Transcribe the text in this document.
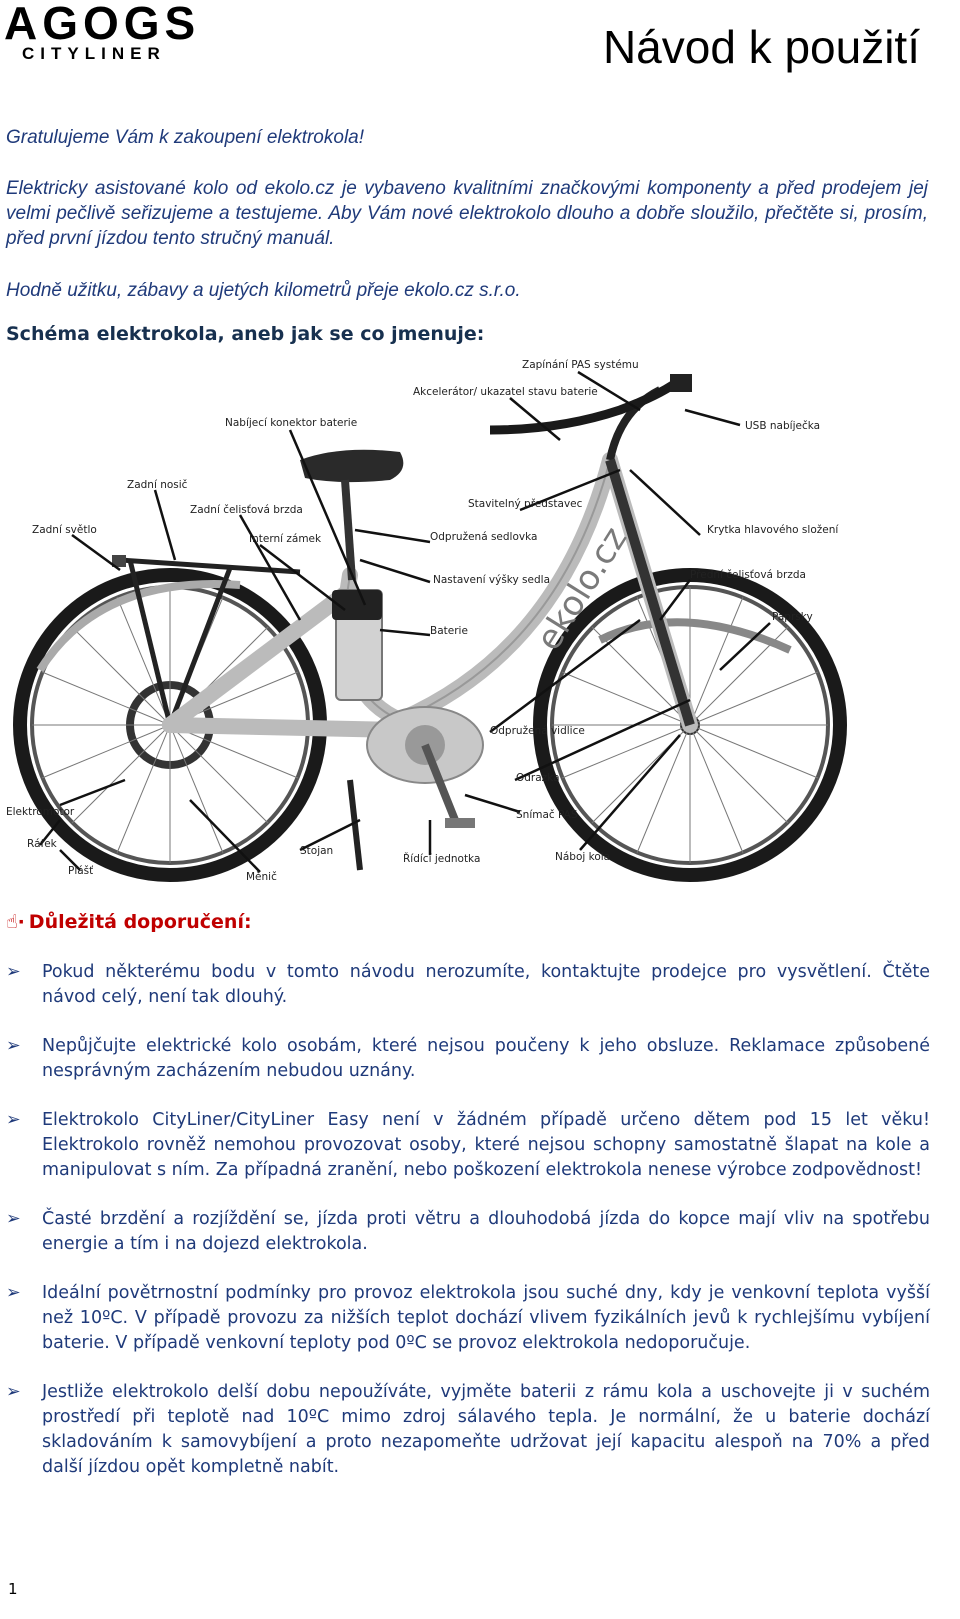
AGOGS
CITYLINER	Návod k použití
Gratulujeme Vám k zakoupení elektrokola!
Elektricky asistované kolo od ekolo.cz je vybaveno kvalitními značkovými komponenty a před prodejem jej velmi pečlivě seřizujeme a testujeme. Aby Vám nové elektrokolo dlouho a dobře sloužilo, přečtěte si, prosím, před první jízdou tento stručný manuál.
Hodně užitku, zábavy a ujetých kilometrů přeje ekolo.cz s.r.o.
Schéma elektrokola, aneb jak se co jmenuje:
ekolo.cz
Zapínání PAS systému
Akcelerátor/ ukazatel stavu baterie
Nabíjecí konektor baterie	USB nabíječka
Zadní nosič
Stavitelný představec
Zadní světlo
Zadní čelisťová brzda
Interní zámek	Odpružená sedlovka
Krytka hlavového složení
Nastavení výšky sedla	Přední čelisťová brzda
Paprsky
Baterie
Odpružená vidlice
Odrazka
Elektromotor	Snímač PAS
Ráfek
Stojan
Řídící jednotka	Náboj kola
Plášť	Měnič
☝· Důležitá doporučení:
➢ Pokud některému bodu v tomto návodu nerozumíte, kontaktujte prodejce pro vysvětlení. Čtěte návod celý, není tak dlouhý.
➢ Nepůjčujte elektrické kolo osobám, které nejsou poučeny k jeho obsluze. Reklamace způsobené nesprávným zacházením nebudou uznány.
➢ Elektrokolo CityLiner/CityLiner Easy není v žádném případě určeno dětem pod 15 let věku! Elektrokolo rovněž nemohou provozovat osoby, které nejsou schopny samostatně šlapat na kole a manipulovat s ním. Za případná zranění, nebo poškození elektrokola nenese výrobce zodpovědnost!
➢ Časté brzdění a rozjíždění se, jízda proti větru a dlouhodobá jízda do kopce mají vliv na spotřebu energie a tím i na dojezd elektrokola.
➢ Ideální povětrnostní podmínky pro provoz elektrokola jsou suché dny, kdy je venkovní teplota vyšší než 10ºC. V případě provozu za nižších teplot dochází vlivem fyzikálních jevů k rychlejšímu vybíjení baterie. V případě venkovní teploty pod 0ºC se provoz elektrokola nedoporučuje.
➢ Jestliže elektrokolo delší dobu nepoužíváte, vyjměte baterii z rámu kola a uschovejte ji v suchém prostředí při teplotě nad 10ºC mimo zdroj sálavého tepla. Je normální, že u baterie dochází skladováním k samovybíjení a proto nezapomeňte udržovat její kapacitu alespoň na 70% a před další jízdou opět kompletně nabít.
1
